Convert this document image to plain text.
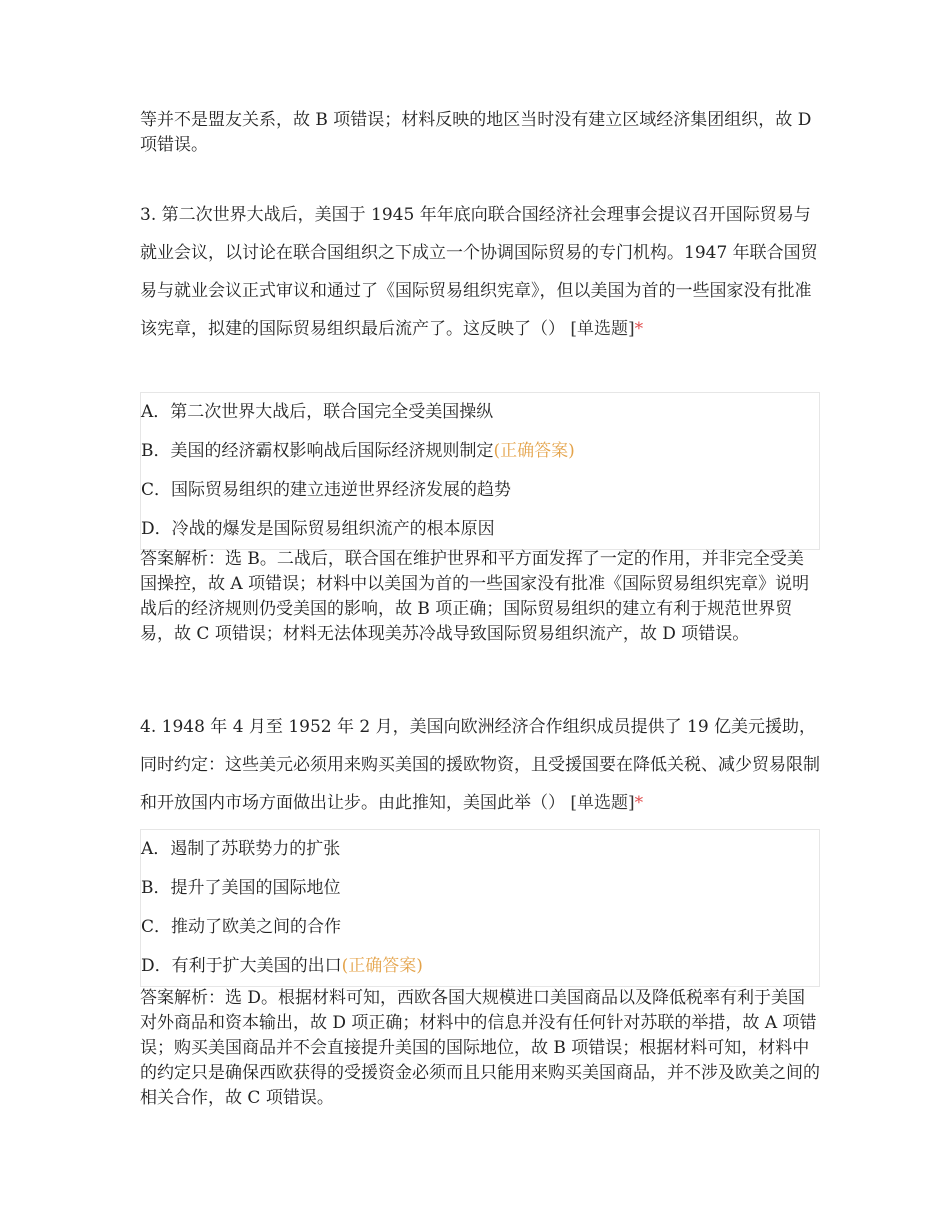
等并不是盟友关系，故 B 项错误；材料反映的地区当时没有建立区域经济集团组织，故 D 项错误。

3. 第二次世界大战后，美国于 1945 年年底向联合国经济社会理事会提议召开国际贸易与就业会议，以讨论在联合国组织之下成立一个协调国际贸易的专门机构。1947 年联合国贸易与就业会议正式审议和通过了《国际贸易组织宪章》，但以美国为首的一些国家没有批准该宪章，拟建的国际贸易组织最后流产了。这反映了（） [单选题]*

A．第二次世界大战后，联合国完全受美国操纵
B．美国的经济霸权影响战后国际经济规则制定(正确答案)
C．国际贸易组织的建立违逆世界经济发展的趋势
D．冷战的爆发是国际贸易组织流产的根本原因

答案解析：选 B。二战后，联合国在维护世界和平方面发挥了一定的作用，并非完全受美国操控，故 A 项错误；材料中以美国为首的一些国家没有批准《国际贸易组织宪章》说明战后的经济规则仍受美国的影响，故 B 项正确；国际贸易组织的建立有利于规范世界贸易，故 C 项错误；材料无法体现美苏冷战导致国际贸易组织流产，故 D 项错误。

4. 1948 年 4 月至 1952 年 2 月，美国向欧洲经济合作组织成员提供了 19 亿美元援助，同时约定：这些美元必须用来购买美国的援欧物资，且受援国要在降低关税、减少贸易限制和开放国内市场方面做出让步。由此推知，美国此举（） [单选题]*

A．遏制了苏联势力的扩张
B．提升了美国的国际地位
C．推动了欧美之间的合作
D．有利于扩大美国的出口(正确答案)

答案解析：选 D。根据材料可知，西欧各国大规模进口美国商品以及降低税率有利于美国对外商品和资本输出，故 D 项正确；材料中的信息并没有任何针对苏联的举措，故 A 项错误；购买美国商品并不会直接提升美国的国际地位，故 B 项错误；根据材料可知，材料中的约定只是确保西欧获得的受援资金必须而且只能用来购买美国商品，并不涉及欧美之间的相关合作，故 C 项错误。
